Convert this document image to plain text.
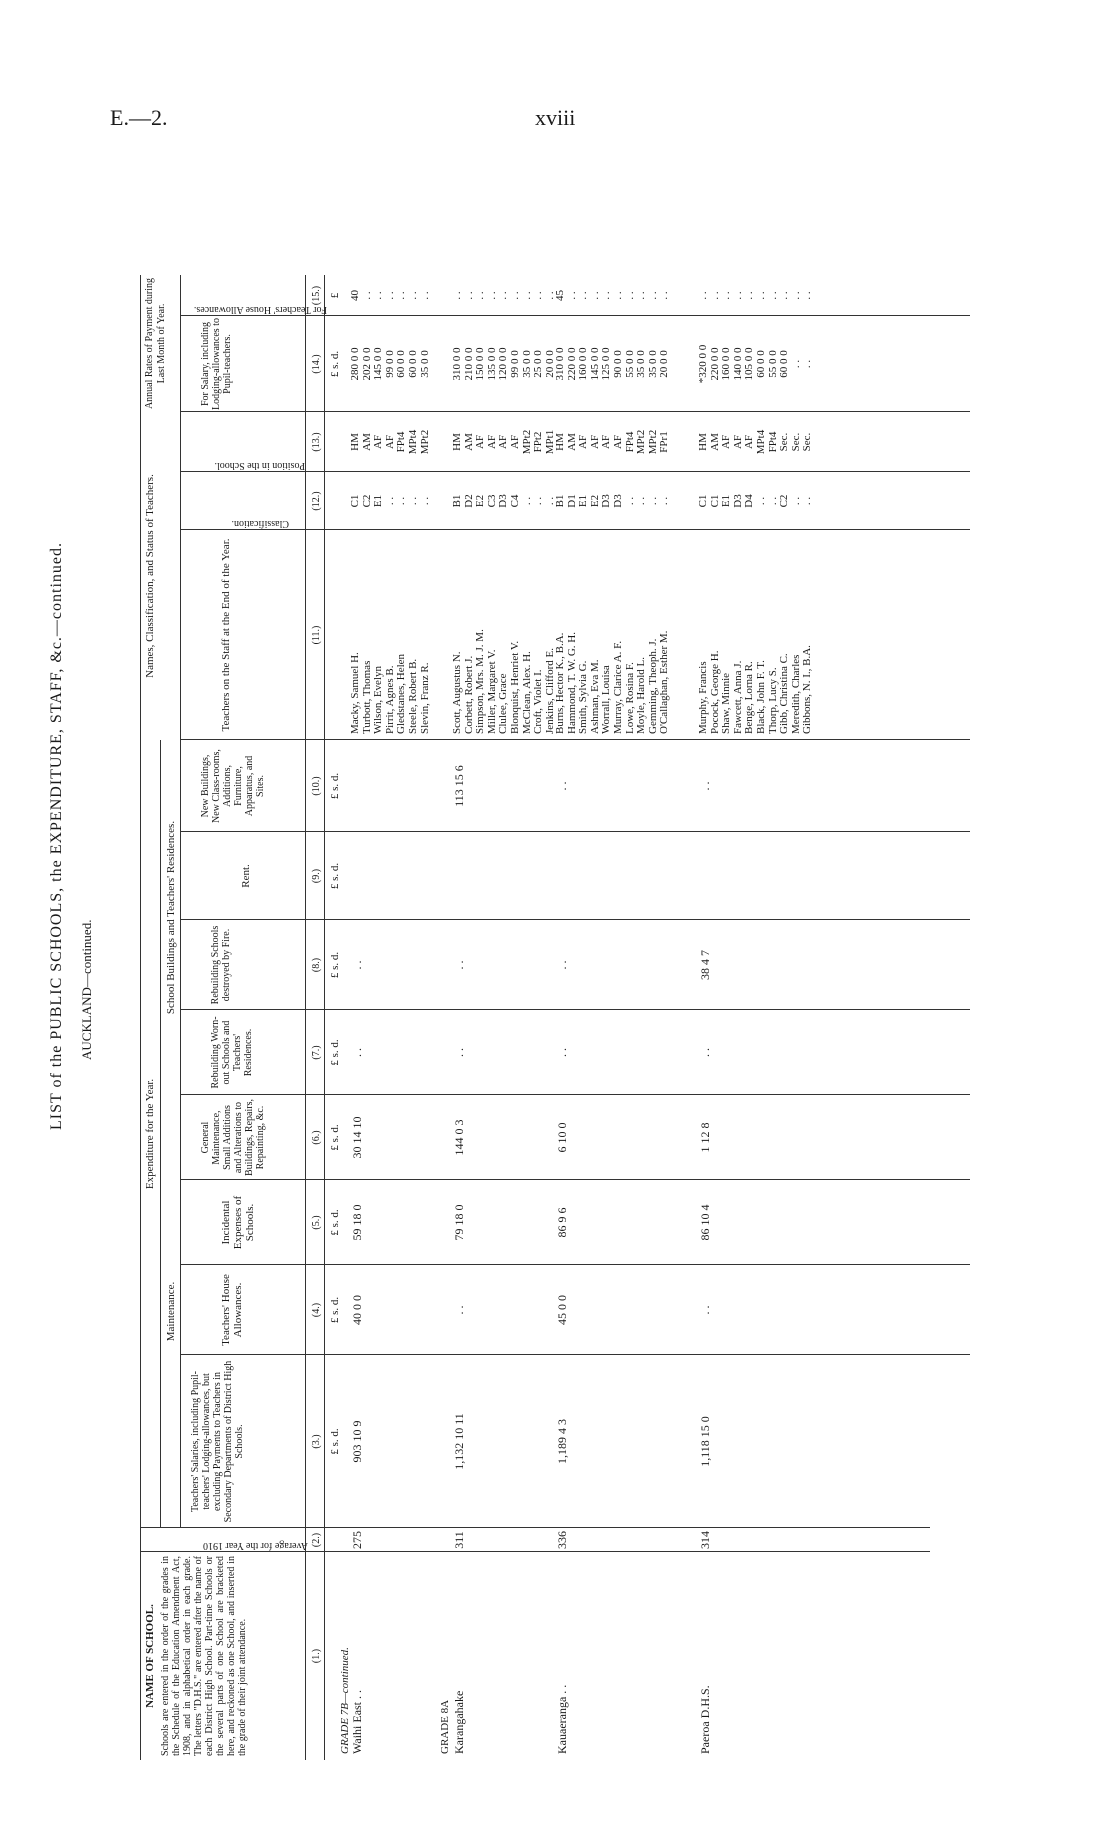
E.—2.	xviii
LIST of the PUBLIC SCHOOLS, the EXPENDITURE, STAFF, &c.—continued. AUCKLAND—continued.
Expenditure for the Year.
Maintenance.
School Buildings and Teachers' Residences.
Names, Classification, and Status of Teachers.
Annual Rates of Payment during Last Month of Year.
NAME OF SCHOOL. Schools are entered in the order of the grades in the Schedule of the Education Amendment Act, 1908, and in alphabetical order in each grade. The letters "D.H.S." are entered after the name of each District High School. Part-time Schools or the several parts of one School are bracketed here, and reckoned as one School, and inserted in the grade of their joint attendance.
Average for the Year 1910
Teachers' Salaries, including Pupil-teachers' Lodging-allowances, but excluding Payments to Teachers in Secondary Departments of District High Schools.
Teachers' House Allowances.
Incidental Expenses of Schools.
General Maintenance, Small Additions and Alterations to Buildings, Repairs, Repainting, &c.
Rebuilding Worn-out Schools and Teachers' Residences.
Rebuilding Schools destroyed by Fire.
Rent.
New Buildings, New Class-rooms, Additions, Furniture, Apparatus, and Sites.
Teachers on the Staff at the End of the Year.
Classification.
Position in the School.
For Salary, including Lodging-allowances to Pupil-teachers.
For Teachers' House Allowances.
(1.)
(2.)
(3.)
(4.)
(5.)
(6.)
(7.)
(8.)
(9.)
(10.)
(11.)
(12.)
(13.)
(14.)
(15.)
£ s. d.
£ s. d.
£ s. d.
£ s. d.
£ s. d.
£ s. d.
£ s. d.
£ s. d.
£ s. d.
£
GRADE 7B—continued. Waihi East . .
275
903 10 9
40 0 0
59 18 0
30 14 10
. .
. .
Macky, Samuel H.
C1
HM
280 0 0
40
Turbott, Thomas
C2
AM
202 0 0
. .
Wilson, Evelyn
E1
AF
145 0 0
. .
Pirrit, Agnes B.
. .
AF
99 0 0
. .
Gledstanes, Helen
. .
FPt4
60 0 0
. .
Steele, Robert B.
. .
MPt4
60 0 0
. .
Slevin, Franz R.
. .
MPt2
35 0 0
. .
GRADE 8A Karangahake
311
1,132 10 11
. .
79 18 0
144 0 3
. .
. .
113 15 6
Scott, Augustus N.
B1
HM
310 0 0
. .
Corbett, Robert J.
D2
AM
210 0 0
. .
Simpson, Mrs. M. J. M.
E2
AF
150 0 0
. .
Miller, Margaret V.
C3
AF
135 0 0
. .
Clulee, Grace
D3
AF
120 0 0
. .
Blonquist, Henriet V.
C4
AF
99 0 0
. .
McClean, Alex. H.
. .
MPt2
35 0 0
. .
Croft, Violet I.
. .
FPt2
25 0 0
. .
Jenkins, Clifford E.
. .
MPt1
20 0 0
. .
Kauaeranga . .
336
1,189 4 3
45 0 0
86 9 6
6 10 0
. .
. .
. .
Burns, Hector K., B.A.
B1
HM
310 0 0
45
Hammond, T. W. G. H.
D1
AM
220 0 0
. .
Smith, Sylvia G.
E1
AF
160 0 0
. .
Ashman, Eva M.
E2
AF
145 0 0
. .
Worrall, Louisa
D3
AF
125 0 0
. .
Murray, Clarice A. F.
D3
AF
90 0 0
. .
Lowe, Rosina F.
. .
FPt4
55 0 0
. .
Moyle, Harold L.
. .
MPt2
35 0 0
. .
Gemming, Theoph. J.
. .
MPt2
35 0 0
. .
O'Callaghan, Esther M.
. .
FPr1
20 0 0
. .
Paeroa D.H.S.
314
1,118 15 0
. .
86 10 4
1 12 8
. .
38 4 7
. .
Murphy, Francis
C1
HM
*320 0 0
. .
Pocock, George H.
C1
AM
220 0 0
. .
Shaw, Minnie
E1
AF
160 0 0
. .
Fawcett, Anna J.
D3
AF
140 0 0
. .
Benge, Lorna R.
D4
AF
105 0 0
. .
Black, John F. T.
. .
MPt4
60 0 0
. .
Thorp, Lucy S.
. .
FPt4
55 0 0
. .
Gibb, Christina C.
C2
Sec.
60 0 0
. .
Meredith, Charles
. .
Sec.
. .
. .
Gibbons, N. I., B.A.
. .
Sec.
. .
. .
